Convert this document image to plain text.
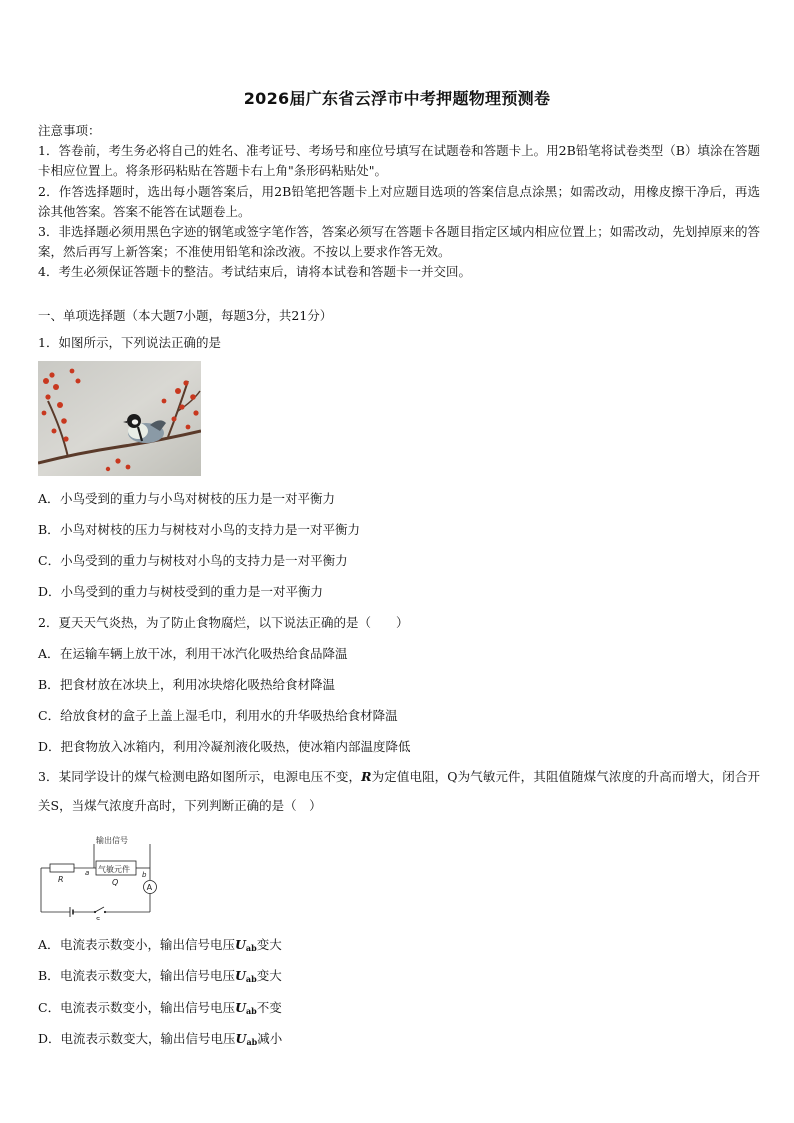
2026届广东省云浮市中考押题物理预测卷

注意事项：

1．答卷前，考生务必将自己的姓名、准考证号、考场号和座位号填写在试题卷和答题卡上。用2B铅笔将试卷类型（B）填涂在答题卡相应位置上。将条形码粘贴在答题卡右上角"条形码粘贴处"。

2．作答选择题时，选出每小题答案后，用2B铅笔把答题卡上对应题目选项的答案信息点涂黑；如需改动，用橡皮擦干净后，再选涂其他答案。答案不能答在试题卷上。

3．非选择题必须用黑色字迹的钢笔或签字笔作答，答案必须写在答题卡各题目指定区域内相应位置上；如需改动，先划掉原来的答案，然后再写上新答案；不准使用铅笔和涂改液。不按以上要求作答无效。

4．考生必须保证答题卡的整洁。考试结束后，请将本试卷和答题卡一并交回。

一、单项选择题（本大题7小题，每题3分，共21分）
1．如图所示，下列说法正确的是
A．小鸟受到的重力与小鸟对树枝的压力是一对平衡力
B．小鸟对树枝的压力与树枝对小鸟的支持力是一对平衡力
C．小鸟受到的重力与树枝对小鸟的支持力是一对平衡力
D．小鸟受到的重力与树枝受到的重力是一对平衡力
2．夏天天气炎热，为了防止食物腐烂，以下说法正确的是（　　）
A．在运输车辆上放干冰，利用干冰汽化吸热给食品降温
B．把食材放在冰块上，利用冰块熔化吸热给食材降温
C．给放食材的盒子上盖上湿毛巾，利用水的升华吸热给食材降温
D．把食物放入冰箱内，利用冷凝剂液化吸热，使冰箱内部温度降低
3．某同学设计的煤气检测电路如图所示，电源电压不变，R为定值电阻，Q为气敏元件，其阻值随煤气浓度的升高而增大，闭合开关S，当煤气浓度升高时，下列判断正确的是（　）
输出信号
R
a 气敏元件
Q
b
A
S
A．电流表示数变小，输出信号电压$U_{ab}$变大
B．电流表示数变大，输出信号电压$U_{ab}$变大
C．电流表示数变小，输出信号电压$U_{ab}$不变
D．电流表示数变大，输出信号电压$U_{ab}$减小
